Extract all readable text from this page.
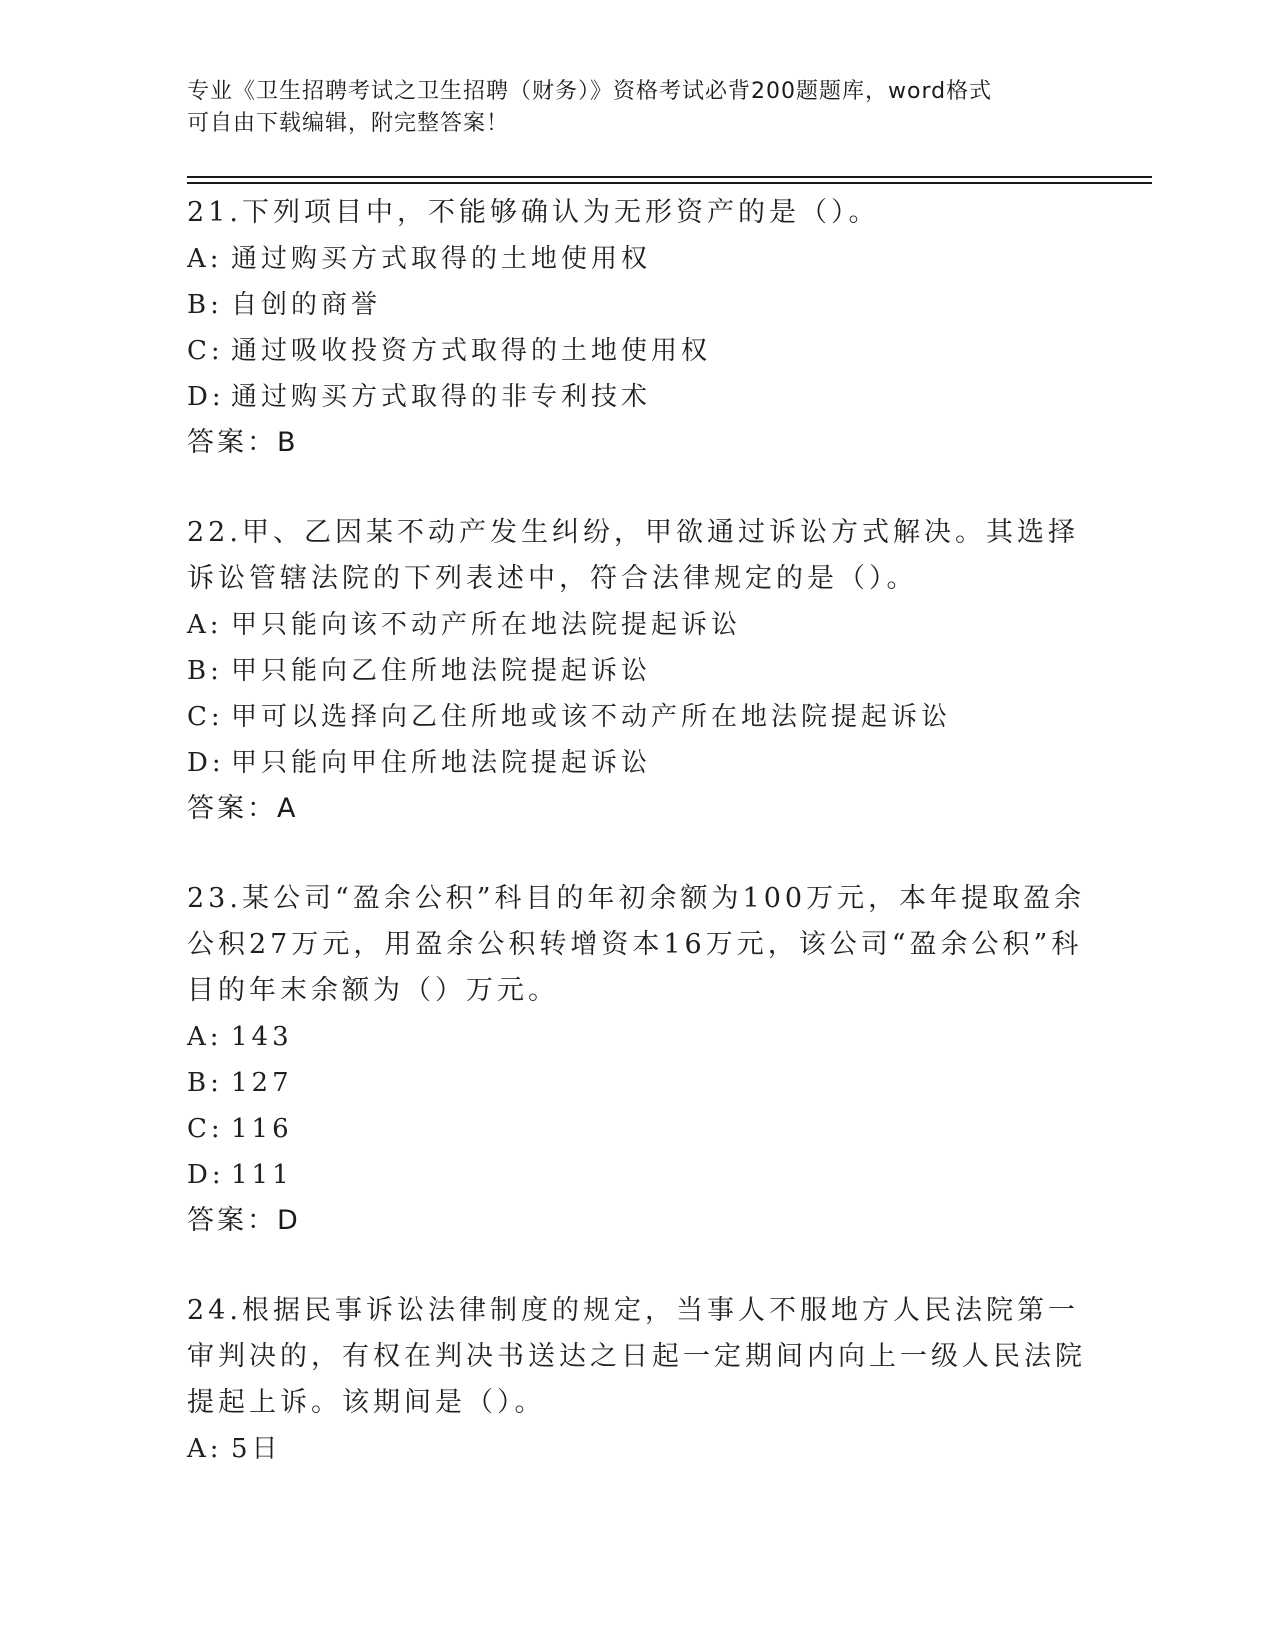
专业《卫生招聘考试之卫生招聘（财务）》资格考试必背200题题库，word格式
可自由下载编辑，附完整答案！
21.下列项目中，不能够确认为无形资产的是（）。
A: 通过购买方式取得的土地使用权
B: 自创的商誉
C: 通过吸收投资方式取得的土地使用权
D: 通过购买方式取得的非专利技术
答案：B
22.甲、乙因某不动产发生纠纷，甲欲通过诉讼方式解决。其选择诉讼管辖法院的下列表述中，符合法律规定的是（）。
A: 甲只能向该不动产所在地法院提起诉讼
B: 甲只能向乙住所地法院提起诉讼
C: 甲可以选择向乙住所地或该不动产所在地法院提起诉讼
D: 甲只能向甲住所地法院提起诉讼
答案：A
23.某公司“盈余公积”科目的年初余额为100万元，本年提取盈余公积27万元，用盈余公积转增资本16万元，该公司“盈余公积”科目的年末余额为（）万元。
A: 143
B: 127
C: 116
D: 111
答案：D
24.根据民事诉讼法律制度的规定，当事人不服地方人民法院第一审判决的，有权在判决书送达之日起一定期间内向上一级人民法院提起上诉。该期间是（）。
A: 5日
